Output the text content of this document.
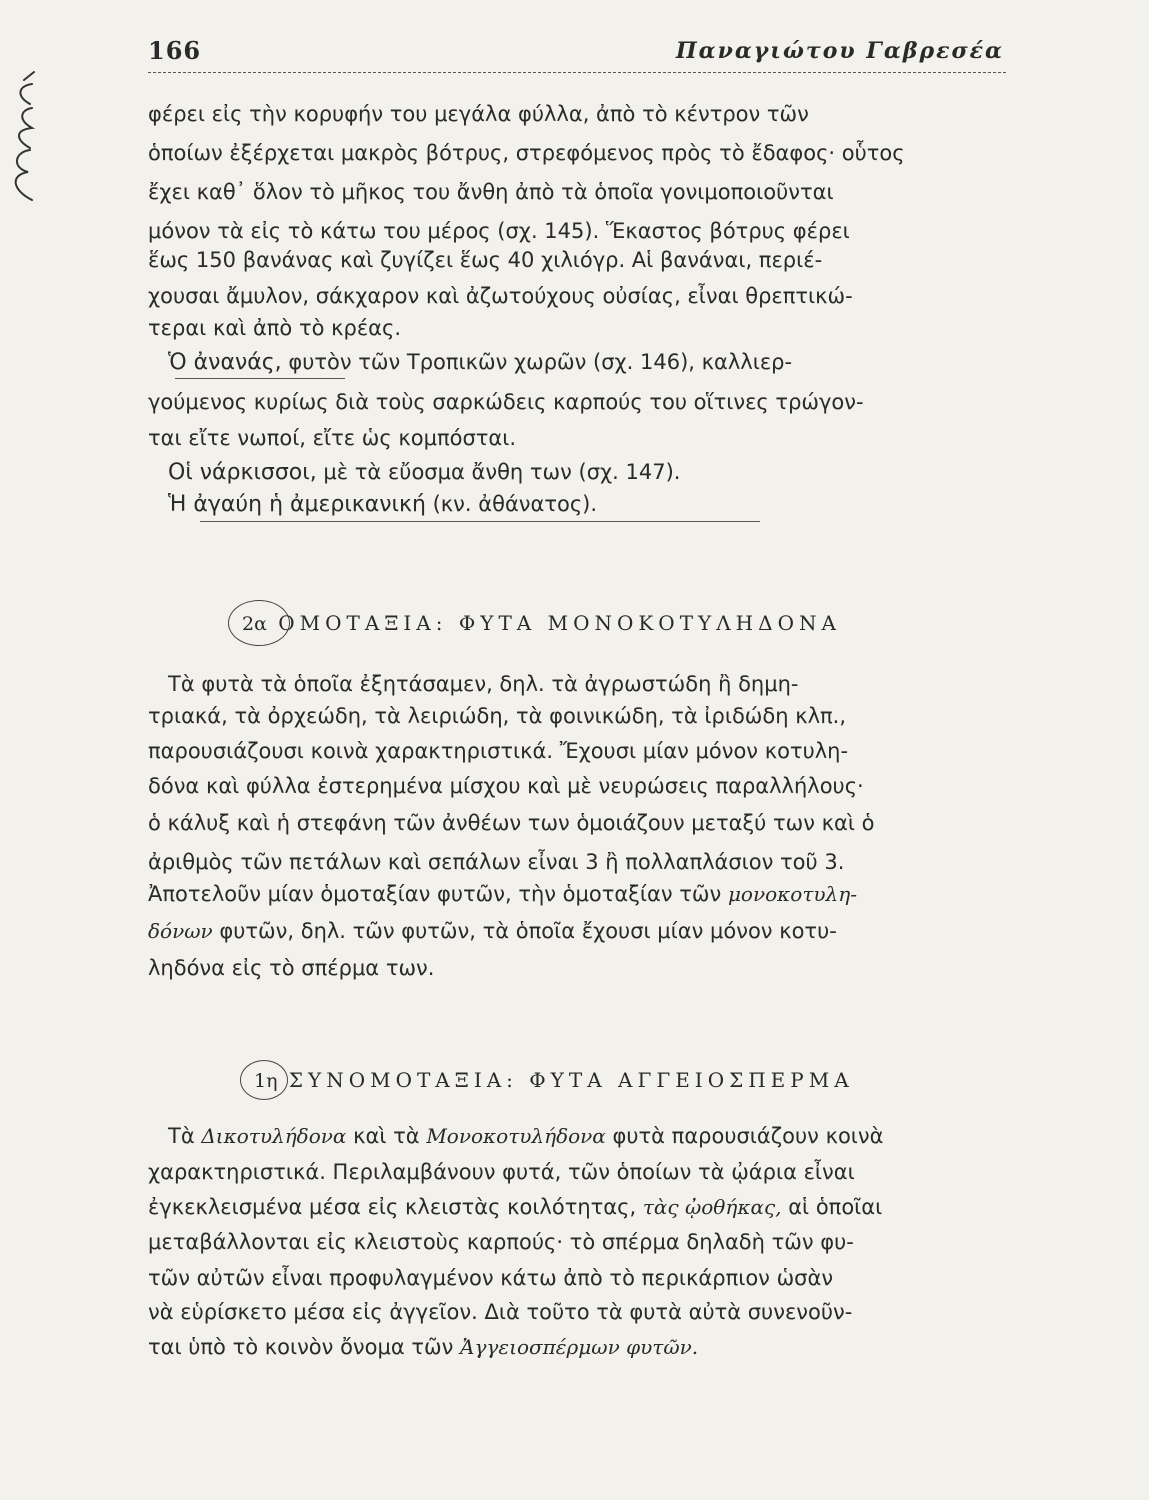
166	Παναγιώτου Γαβρεσέα
φέρει εἰς τὴν κορυφήν του μεγάλα φύλλα, ἀπὸ τὸ κέντρον τῶν
ὁποίων ἐξέρχεται μακρὸς βότρυς, στρεφόμενος πρὸς τὸ ἔδαφος· οὗτος
ἔχει καθ᾽ ὅλον τὸ μῆκος του ἄνθη ἀπὸ τὰ ὁποῖα γονιμοποιοῦνται
μόνον τὰ εἰς τὸ κάτω του μέρος (σχ. 145). Ἕκαστος βότρυς φέρει
ἕως 150 βανάνας καὶ ζυγίζει ἕως 40 χιλιόγρ. Αἱ βανάναι, περιέ-
χουσαι ἄμυλον, σάκχαρον καὶ ἀζωτούχους οὐσίας, εἶναι θρεπτικώ-
τεραι καὶ ἀπὸ τὸ κρέας.
Ὁ ἀνανάς, φυτὸν τῶν Τροπικῶν χωρῶν (σχ. 146), καλλιερ-
γούμενος κυρίως διὰ τοὺς σαρκώδεις καρπούς του οἵτινες τρώγον-
ται εἴτε νωποί, εἴτε ὡς κομπόσται.
Οἱ νάρκισσοι, μὲ τὰ εὔοσμα ἄνθη των (σχ. 147).
Ἡ ἀγαύη ἡ ἀμερικανική (κν. ἀθάνατος).
2α ΟΜΟΤΑΞΙΑ: ΦΥΤΑ ΜΟΝΟΚΟΤΥΛΗΔΟΝΑ
Τὰ φυτὰ τὰ ὁποῖα ἐξητάσαμεν, δηλ. τὰ ἀγρωστώδη ἢ δημη-
τριακά, τὰ ὀρχεώδη, τὰ λειριώδη, τὰ φοινικώδη, τὰ ἰριδώδη κλπ.,
παρουσιάζουσι κοινὰ χαρακτηριστικά. Ἔχουσι μίαν μόνον κοτυλη-
δόνα καὶ φύλλα ἐστερημένα μίσχου καὶ μὲ νευρώσεις παραλλήλους·
ὁ κάλυξ καὶ ἡ στεφάνη τῶν ἀνθέων των ὁμοιάζουν μεταξύ των καὶ ὁ
ἀριθμὸς τῶν πετάλων καὶ σεπάλων εἶναι 3 ἢ πολλαπλάσιον τοῦ 3.
Ἀποτελοῦν μίαν ὁμοταξίαν φυτῶν, τὴν ὁμοταξίαν τῶν μονοκοτυλη-
δόνων φυτῶν, δηλ. τῶν φυτῶν, τὰ ὁποῖα ἔχουσι μίαν μόνον κοτυ-
ληδόνα εἰς τὸ σπέρμα των.
1η ΣΥΝΟΜΟΤΑΞΙΑ: ΦΥΤΑ ΑΓΓΕΙΟΣΠΕΡΜΑ
Τὰ Δικοτυλήδονα καὶ τὰ Μονοκοτυλήδονα φυτὰ παρουσιάζουν κοινὰ
χαρακτηριστικά. Περιλαμβάνουν φυτά, τῶν ὁποίων τὰ ᾠάρια εἶναι
ἐγκεκλεισμένα μέσα εἰς κλειστὰς κοιλότητας, τὰς ᾠοθήκας, αἱ ὁποῖαι
μεταβάλλονται εἰς κλειστοὺς καρπούς· τὸ σπέρμα δηλαδὴ τῶν φυ-
τῶν αὐτῶν εἶναι προφυλαγμένον κάτω ἀπὸ τὸ περικάρπιον ὡσὰν
νὰ εὑρίσκετο μέσα εἰς ἀγγεῖον. Διὰ τοῦτο τὰ φυτὰ αὐτὰ συνενοῦν-
ται ὑπὸ τὸ κοινὸν ὄνομα τῶν Ἀγγειοσπέρμων φυτῶν.
